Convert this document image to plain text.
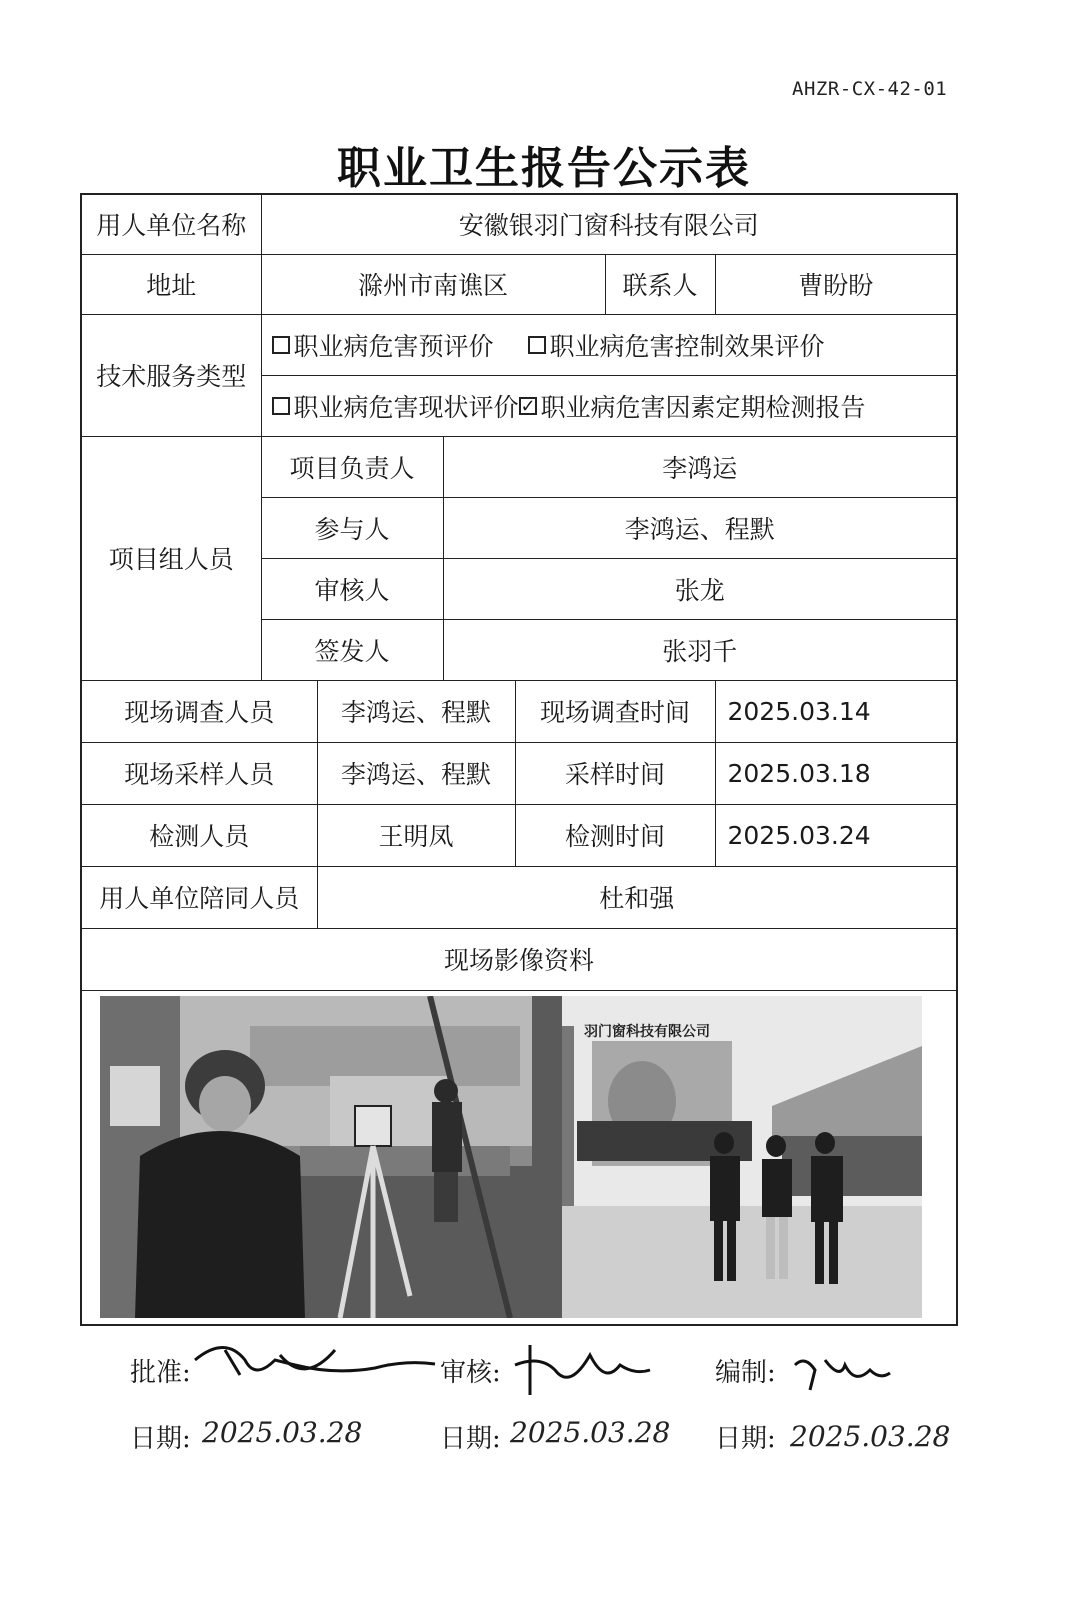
AHZR-CX-42-01
职业卫生报告公示表
用人单位名称	安徽银羽门窗科技有限公司					
地址	滁州市南谯区				联系人	曹盼盼
技术服务类型	职业病危害预评价 职业病危害控制效果评价					

	职业病危害现状评价 ✓ 职业病危害因素定期检测报告					

项目组人员	项目负责人		李鸿运			
	参与人		李鸿运、程默			
	审核人		张龙			
	签发人		张羽千			
现场调查人员		李鸿运、程默		现场调查时间		2025.03.14
现场采样人员		李鸿运、程默		采样时间		2025.03.18
检测人员		王明凤		检测时间		2025.03.24
用人单位陪同人员		杜和强				
现场影像资料						

羽门窗科技有限公司						
批准:	审核:	编制:
日期: 2025.03.28	日期: 2025.03.28 日期: 2025.03.28
